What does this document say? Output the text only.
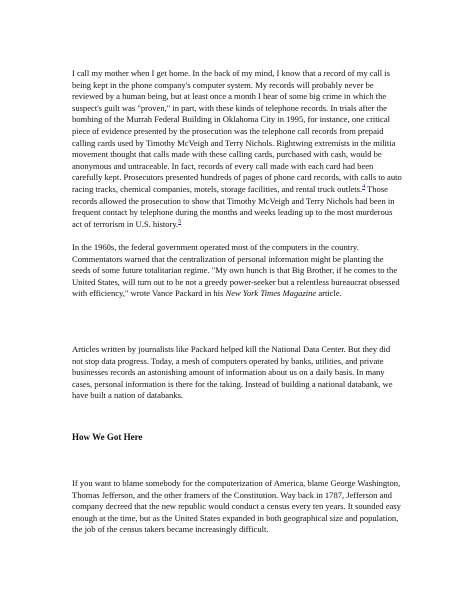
I call my mother when I get home. In the back of my mind, I know that a record of my call is being kept in the phone company's computer system. My records will probably never be reviewed by a human being, but at least once a month I hear of some big crime in which the suspect's guilt was "proven," in part, with these kinds of telephone records. In trials after the bombing of the Murrah Federal Building in Oklahoma City in 1995, for instance, one critical piece of evidence presented by the prosecution was the telephone call records from prepaid calling cards used by Timothy McVeigh and Terry Nichols. Rightwing extremists in the militia movement thought that calls made with these calling cards, purchased with cash, would be anonymous and untraceable. In fact, records of every call made with each card had been carefully kept. Prosecutors presented hundreds of pages of phone card records, with calls to auto racing tracks, chemical companies, motels, storage facilities, and rental truck outlets.$^4$ Those records allowed the prosecution to show that Timothy McVeigh and Terry Nichols had been in frequent contact by telephone during the months and weeks leading up to the most murderous act of terrorism in U.S. history.$^5$

In the 1960s, the federal government operated most of the computers in the country. Commentators warned that the centralization of personal information might be planting the seeds of some future totalitarian regime. "My own hunch is that Big Brother, if he comes to the United States, will turn out to be not a greedy power-seeker but a relentless bureaucrat obsessed with efficiency," wrote Vance Packard in his New York Times Magazine article.

Articles written by journalists like Packard helped kill the National Data Center. But they did not stop data progress. Today, a mesh of computers operated by banks, utilities, and private businesses records an astonishing amount of information about us on a daily basis. In many cases, personal information is there for the taking. Instead of building a national databank, we have built a nation of databanks.

How We Got Here

If you want to blame somebody for the computerization of America, blame George Washington, Thomas Jefferson, and the other framers of the Constitution. Way back in 1787, Jefferson and company decreed that the new republic would conduct a census every ten years. It sounded easy enough at the time, but as the United States expanded in both geographical size and population, the job of the census takers became increasingly difficult.
